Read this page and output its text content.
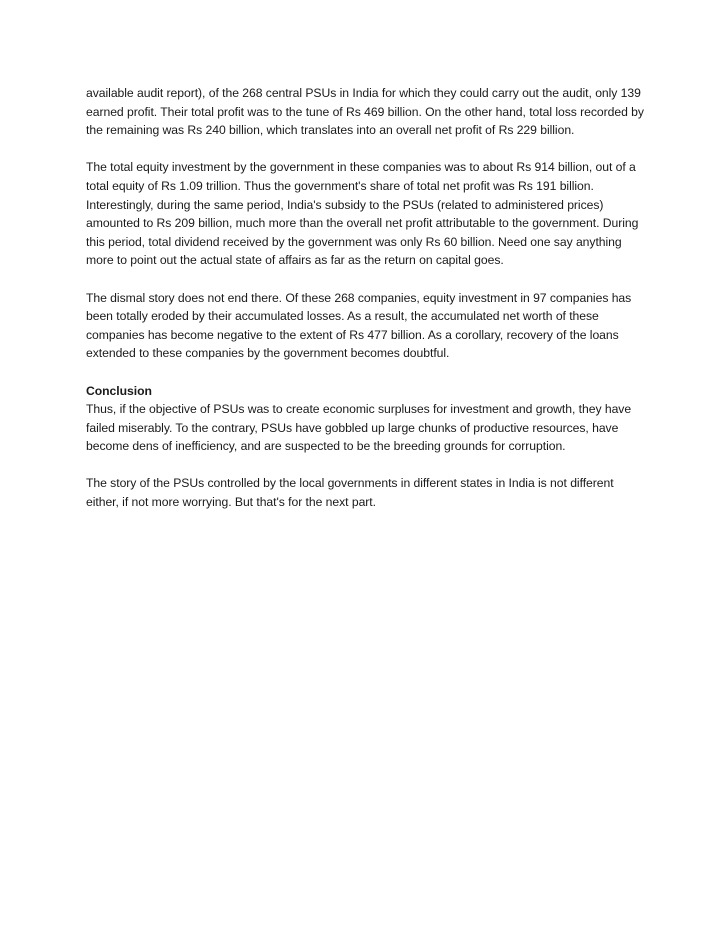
available audit report), of the 268 central PSUs in India for which they could carry out the audit, only 139
earned profit. Their total profit was to the tune of Rs 469 billion. On the other hand, total loss recorded by
the remaining was Rs 240 billion, which translates into an overall net profit of Rs 229 billion.

The total equity investment by the government in these companies was to about Rs 914 billion, out of a
total equity of Rs 1.09 trillion. Thus the government's share of total net profit was Rs 191 billion.
Interestingly, during the same period, India's subsidy to the PSUs (related to administered prices)
amounted to Rs 209 billion, much more than the overall net profit attributable to the government. During
this period, total dividend received by the government was only Rs 60 billion. Need one say anything
more to point out the actual state of affairs as far as the return on capital goes.

The dismal story does not end there. Of these 268 companies, equity investment in 97 companies has
been totally eroded by their accumulated losses. As a result, the accumulated net worth of these
companies has become negative to the extent of Rs 477 billion. As a corollary, recovery of the loans
extended to these companies by the government becomes doubtful.

Conclusion
Thus, if the objective of PSUs was to create economic surpluses for investment and growth, they have
failed miserably. To the contrary, PSUs have gobbled up large chunks of productive resources, have
become dens of inefficiency, and are suspected to be the breeding grounds for corruption.

The story of the PSUs controlled by the local governments in different states in India is not different
either, if not more worrying. But that's for the next part.
